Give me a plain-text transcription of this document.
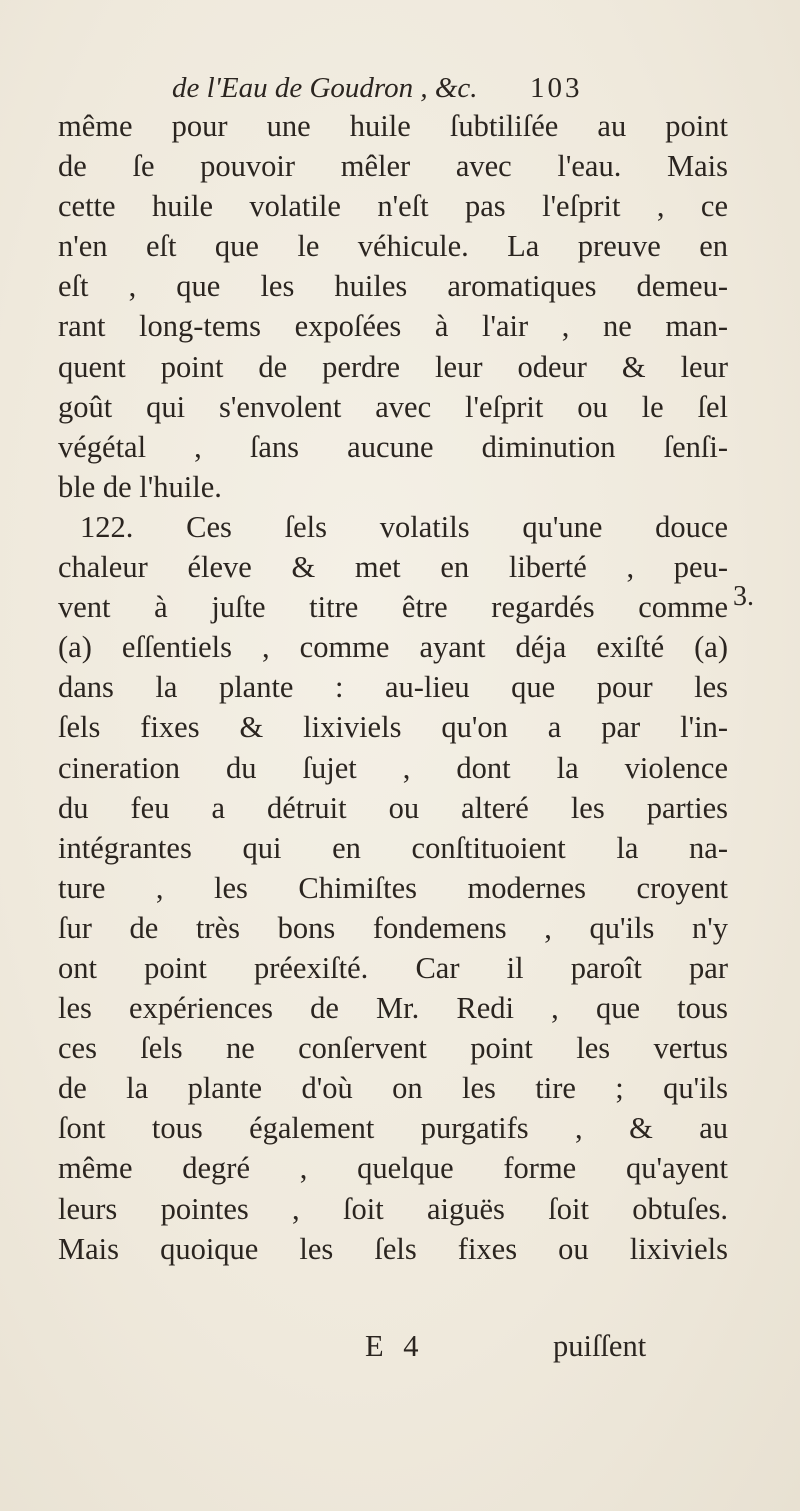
de l'Eau de Goudron , &c. 103
même pour une huile ſubtiliſée au point
de ſe pouvoir mêler avec l'eau. Mais
cette huile volatile n'eſt pas l'eſprit , ce
n'en eſt que le véhicule. La preuve en
eſt , que les huiles aromatiques demeu-
rant long-tems expoſées à l'air , ne man-
quent point de perdre leur odeur & leur
goût qui s'envolent avec l'eſprit ou le ſel
végétal , ſans aucune diminution ſenſi-
ble de l'huile.
122. Ces ſels volatils qu'une douce
chaleur éleve & met en liberté , peu-
vent à juſte titre être regardés comme
(a) eſſentiels , comme ayant déja exiſté (a)
dans la plante : au-lieu que pour les
ſels fixes & lixiviels qu'on a par l'in-
cineration du ſujet , dont la violence
du feu a détruit ou alteré les parties
intégrantes qui en conſtituoient la na-
ture , les Chimiſtes modernes croyent
ſur de très bons fondemens , qu'ils n'y
ont point préexiſté. Car il paroît par
les expériences de Mr. Redi , que tous
ces ſels ne conſervent point les vertus
de la plante d'où on les tire ; qu'ils
ſont tous également purgatifs , & au
même degré , quelque forme qu'ayent
leurs pointes , ſoit aiguës ſoit obtuſes.
Mais quoique les ſels fixes ou lixiviels
3.
E 4	puiſſent
